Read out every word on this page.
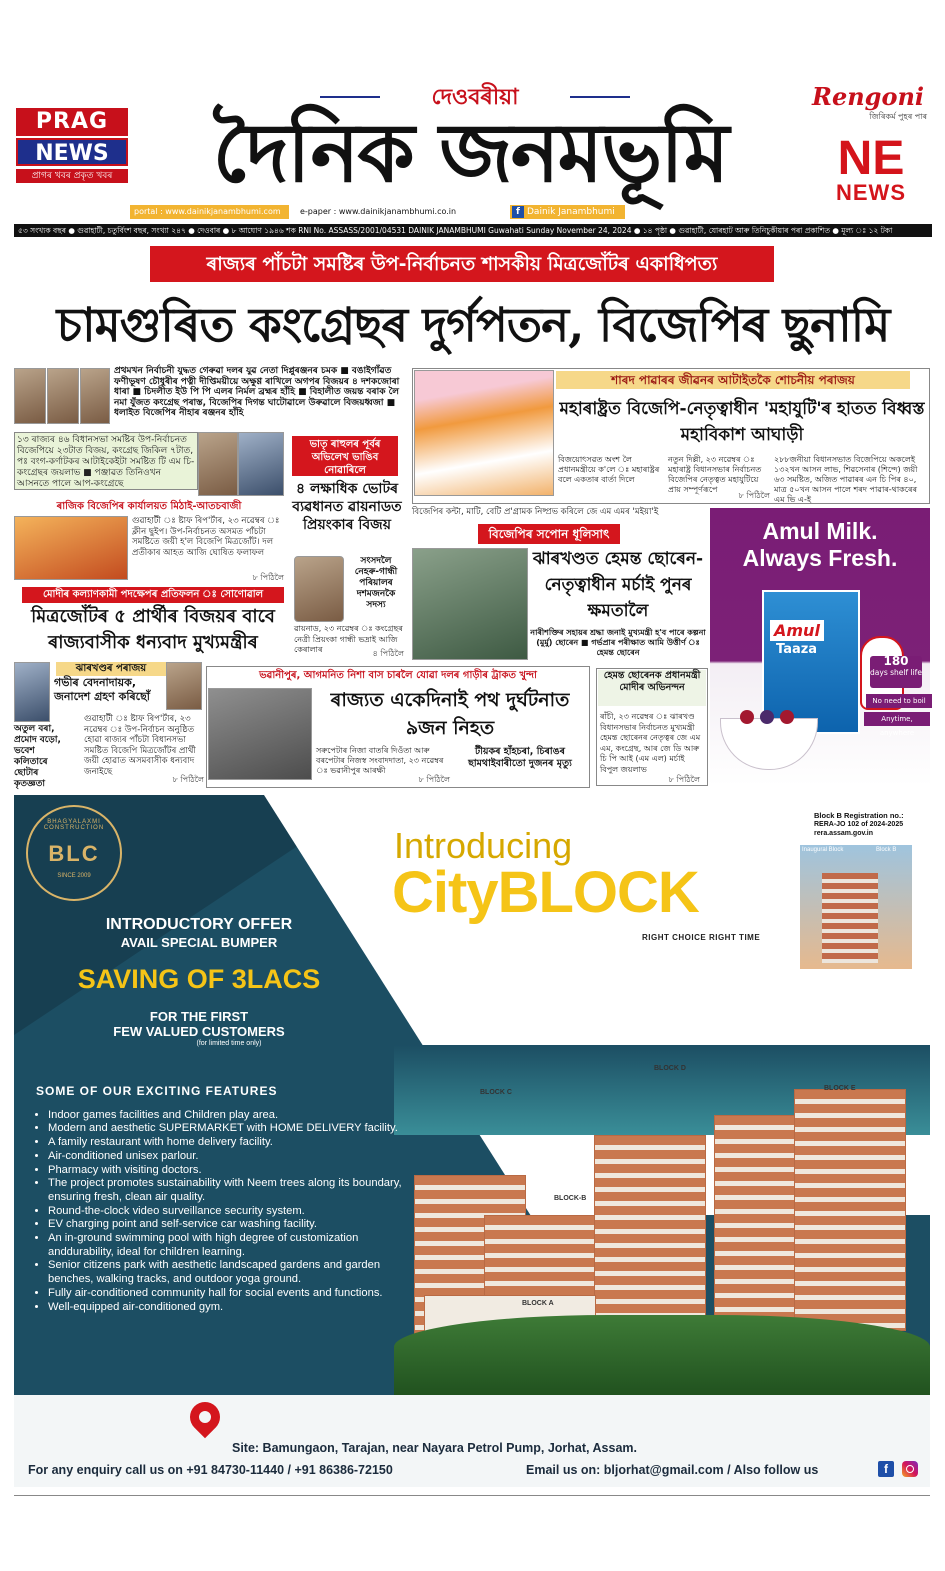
PRAG
NEWS
প্ৰাগৰ খবৰ প্ৰকৃত খবৰ
দেওবৰীয়া
দৈনিক জনমভূমি
Rengoni
জিৰিকৰ্ম পুহৰ পাৰ
NE
NEWS
portal : www.dainikjanambhumi.com	e-paper : www.dainikjanambhumi.co.in	f Dainik Janambhumi
৫৩ সংখ্যক বছৰ ● গুৱাহাটী, চতুৰ্বিংশ বছৰ, সংখ্যা ২৪৭ ● দেওবাৰ ● ৮ আঘোণ ১৯৪৬ শক RNI No. ASSASS/2001/04531 DAINIK JANAMBHUMI Guwahati Sunday November 24, 2024 ● ১৪ পৃষ্ঠা ● গুৱাহাটী, যোৰহাট আৰু তিনিচুকীয়াৰ পৰা প্ৰকাশিত ● মূল্য ঃ ১২ টকা
ৰাজ্যৰ পাঁচটা সমষ্টিৰ উপ-নিৰ্বাচনত শাসকীয় মিত্ৰজোঁটৰ একাধিপত্য
চামগুৰিত কংগ্ৰেছৰ দুৰ্গপতন, বিজেপিৰ ছুনামি
প্ৰথমখন নিৰ্বাচনী যুদ্ধত গেৰুৱা দলৰ যুৱ নেতা দিপ্লুৰঞ্জনৰ চমক ■ বঙাইগাঁৱত ফণীভূষণ চৌধুৰীৰ পত্নী দীপ্তিময়ীয়ে অক্ষুণ্ণ ৰাখিলে অগপৰ বিজয়ৰ ৪ দশকজোৰা ধাৰা ■ চিদলীত ইউ পি পি এলৰ নিৰ্মল ব্ৰহ্মৰ হাঁহি ■ বিহালীত জয়ন্ত বৰাক লৈ নমা যুঁজত কংগ্ৰেছ পৰাস্ত, বিজেপিৰ দিগন্ত ঘাটোৱালে উৰুৱালে বিজয়ধ্বজা ■ ধলাইত বিজেপিৰ নীহাৰ ৰঞ্জনৰ হাঁহি
১৩ ৰাজ্যৰ ৪৬ বিধানসভা সমষ্টিৰ উপ-নিৰ্বাচনত বিজেপিয়ে ২৩টাত বিজয়, কংগ্ৰেছ জিকিল ৭টাত, পঃ বংগ-কৰ্ণাটকৰ আটাইকেইটা সমষ্টিত টি এম চি-কংগ্ৰেছৰ জয়লাভ ■ পঞ্জাৱত তিনিওখন আসনতে পালে আপ-কংগ্ৰেছে
ৰাজিক বিজেপিৰ কাৰ্যালয়ত মিঠাই-আতচবাজী
গুৱাহাটী ঃ ষ্টাফ ৰিপ'ৰ্টাৰ, ২৩ নৱেম্বৰ ঃ ক্লীন ছুইপ। উপ-নিৰ্বাচনত অসমত পাঁচটা সমষ্টিতে জয়ী হ'ল বিজেপি মিত্ৰজোঁট। দল প্ৰতীকাৰ আহত আজি ঘোষিত ফলাফল
৮ পিঠিলৈ
মোদীৰ কল্যাণকামী পদক্ষেপৰ প্ৰতিফলন ঃ সোণোৱাল
মিত্ৰজোঁটৰ ৫ প্ৰাৰ্থীৰ বিজয়ৰ বাবে ৰাজ্যবাসীক ধন্যবাদ মুখ্যমন্ত্ৰীৰ
ঝাৰখণ্ডৰ পৰাজয়
গভীৰ বেদনাদায়ক, জনাদেশ গ্ৰহণ কৰিছোঁ
অতুল বৰা, প্ৰমোদ বড়ো, ভবেশ কলিতাৰে ছোটাৰ কৃতজ্ঞতা
গুৱাহাটী ঃ ষ্টাফ ৰিপ'ৰ্টাৰ, ২৩ নৱেম্বৰ ঃ উপ-নিৰ্বাচন অনুষ্ঠিত হোৱা ৰাজ্যৰ পাঁচটা বিধানসভা সমষ্টিত বিজেপি মিত্ৰজোঁটৰ প্ৰাৰ্থী জয়ী হোৱাত অসমবাসীক ধন্যবাদ জনাইছে
৮ পিঠিলৈ
ভাতৃ ৰাহুলৰ পূৰ্বৰ অভিলেখ ভাঙিব নোৱাৰিলে
৪ লক্ষাধিক ভোটৰ ব্যৱধানত ৱায়নাডত প্ৰিয়ংকাৰ বিজয়
সংসদলৈ নেহৰু-গান্ধী পৰিয়ালৰ দশমজনকৈ সদস্য
ৱায়নাড, ২৩ নৱেম্বৰ ঃ কংগ্ৰেছৰ নেত্ৰী প্ৰিয়ংকা গান্ধী ভদ্ৰাই আজি কেৰালাৰ	৪ পিঠিলৈ
শাৰদ পাৱাৰৰ জীৱনৰ আটাইতকৈ শোচনীয় পৰাজয়
মহাৰাষ্ট্ৰত বিজেপি-নেতৃত্বাধীন 'মহাযুটি'ৰ হাতত বিধ্বস্ত মহাবিকাশ আঘাড়ী
বিজয়োৎসৱত অংশ লৈ প্ৰধানমন্ত্ৰীয়ে ক'লে ঃ মহাৰাষ্ট্ৰৰ বলে একতাৰ বাৰ্তা দিলে
নতুন দিল্লী, ২৩ নৱেম্বৰ ঃ মহাৰাষ্ট্ৰ বিধানসভাৰ নিৰ্বাচনত বিজেপিৰ নেতৃত্বত মহাযুটিয়ে প্ৰায় সম্পূৰ্ণৰূপে
২৮৮জনীয়া বিধানসভাত বিজেপিয়ে অকলেই ১৩২খন আসন লাভ, শিৱসেনাৰ (শিন্দে) জয়ী ৬৩ সমষ্টিত, অজিত পাৱাৰৰ এন চি পিৰ ৪০, মাত্ৰ ৫০খন আসন পালে শৰদ পাৱাৰ-থাকৰেৰ এম ভি এ-ই
৮ পিঠিলৈ
বিজেপিৰ কন্টা, মাটি, বেটি প্ৰ'গ্ৰামক নিষ্প্ৰভ কৰিলে জে এম এমৰ 'মইয়া'ই
বিজেপিৰ সপোন ধূলিসাৎ
ঝাৰখণ্ডত হেমন্ত ছোৰেন-নেতৃত্বাধীন মৰ্চাই পুনৰ ক্ষমতালৈ
নাৰীশক্তিৰ সহায়ৰ শ্ৰদ্ধা জনাই মুখ্যমন্ত্ৰী হ'ব পাৰে কল্পনা (মুৰ্মু) ছোৰেন ■ গৰ্ভপ্ৰাৰ পৰীক্ষাত আমি উত্তীৰ্ণ ঃ হেমন্ত ছোৰেন
হেমন্ত ছোৰেনক প্ৰধানমন্ত্ৰী মোদীৰ অভিনন্দন
ৰাঁচী, ২৩ নৱেম্বৰ ঃ ঝাৰখণ্ড বিধানসভাৰ নিৰ্বাচনত মুখ্যমন্ত্ৰী হেমন্ত ছোৰেনৰ নেতৃত্বৰ জে এম এম, কংগ্ৰেছ, আৰ জে ডি আৰু চি পি আই (এম এল) মৰ্চাই বিপুল জয়লাভ
৮ পিঠিলৈ
ভৱানীপুৰ, আগমনিত নিশা বাস চাৰলৈ যোৱা দলৰ গাড়ীৰ ট্ৰাকত খুন্দা
ৰাজ্যত একেদিনাই পথ দুৰ্ঘটনাত ৯জন নিহত
সৰুপেটাৰ নিজা বাতৰি দিওঁতা আৰু বৰপেটাৰ নিজস্ব সংবাদদাতা, ২৩ নৱেম্বৰ ঃ ভৱানীপুৰ আৰক্ষী
টীয়কৰ হাঁহচৰা, চিৰাঙৰ ছামথাইবাৰীতো দুজনৰ মৃত্যু
৮ পিঠিলৈ
Amul Milk.
Always Fresh.
Amul
Taaza
180
days shelf life
No need to boil
Anytime, anywhere
BLOCK C
BLOCK D
BLOCK E
BLOCK-B
BLOCK A
BHAGYALAXMI CONSTRUCTION
BLC
SINCE 2009
INTRODUCTORY OFFER
AVAIL SPECIAL BUMPER
SAVING OF 3LACS
FOR THE FIRST
FEW VALUED CUSTOMERS
(for limited time only)
SOME OF OUR EXCITING FEATURES
• Indoor games facilities and Children play area.
• Modern and aesthetic SUPERMARKET with HOME DELIVERY facility.
• A family restaurant with home delivery facility.
• Air-conditioned unisex parlour.
• Pharmacy with visiting doctors.
• The project promotes sustainability with Neem trees along its boundary, ensuring fresh, clean air quality.
• Round-the-clock video surveillance security system.
• EV charging point and self-service car washing facility.
• An in-ground swimming pool with high degree of customization anddurability, ideal for children learning.
• Senior citizens park with aesthetic landscaped gardens and garden benches, walking tracks, and outdoor yoga ground.
• Fully air-conditioned community hall for social events and functions.
• Well-equipped air-conditioned gym.
Introducing
CityBLOCK
RIGHT CHOICE RIGHT TIME
Block B Registration no.:
RERA-JO 102 of 2024-2025
rera.assam.gov.in
Inaugural Block	Block B
JORHAT'S FIRST EVER LIFESTYLE PROJECT WITH INNOVATIVE DESIGN & LIFETIME CARE SERVICES.
Site: Bamungaon, Tarajan, near Nayara Petrol Pump, Jorhat, Assam.
For any enquiry call us on +91 84730-11440 / +91 86386-72150	Email us on: bljorhat@gmail.com / Also follow us	f
